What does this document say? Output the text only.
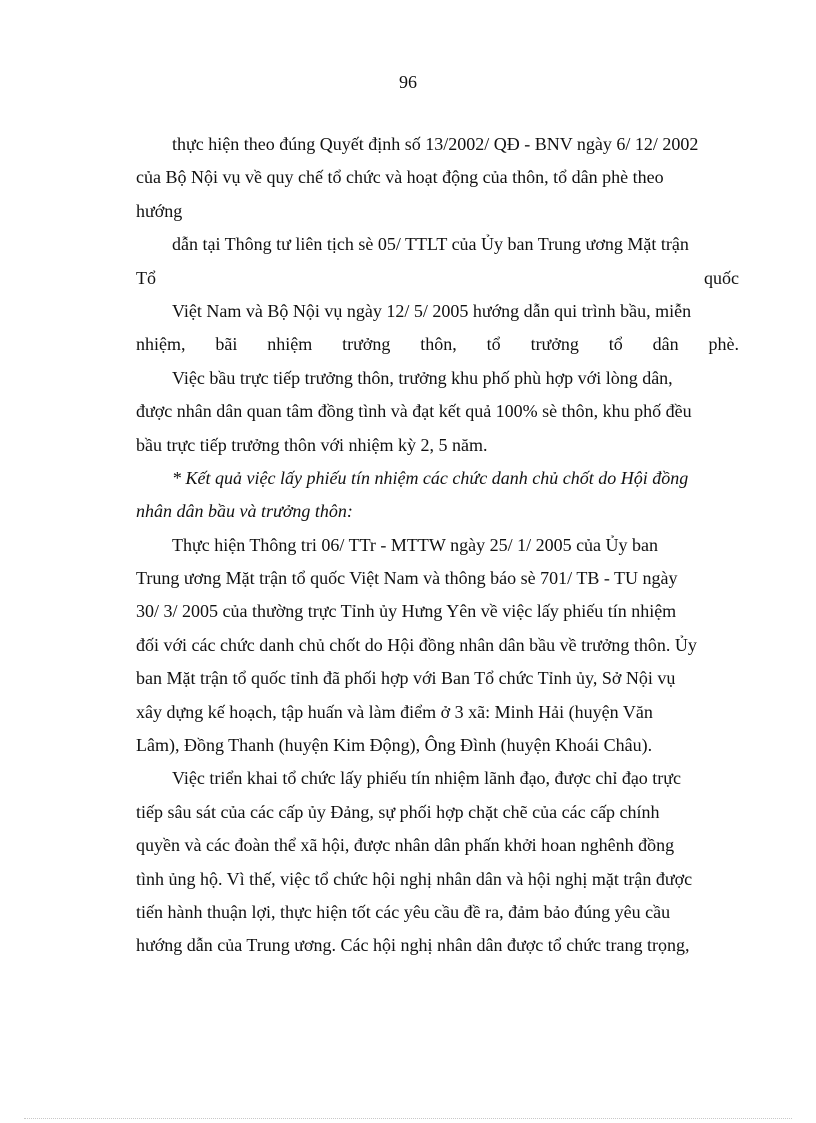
96
thực hiện theo đúng Quyết định số 13/2002/ QĐ - BNV ngày 6/ 12/ 2002
của Bộ Nội vụ về quy chế tổ chức và hoạt động của thôn, tổ dân phè theo
hướng
dẫn tại Thông tư liên tịch sè 05/ TTLT của Ủy ban Trung ương Mặt trận
Tổ	quốc
Việt Nam và Bộ Nội vụ ngày 12/ 5/ 2005 hướng dẫn qui trình bầu, miễn
nhiệm, bãi nhiệm trưởng thôn, tổ trưởng tổ dân phè.
Việc bầu trực tiếp trưởng thôn, trưởng khu phố phù hợp với lòng dân,
được nhân dân quan tâm đồng tình và đạt kết quả 100% sè thôn, khu phố đều
bầu trực tiếp trưởng thôn với nhiệm kỳ 2, 5 năm.
* Kết quả việc lấy phiếu tín nhiệm các chức danh chủ chốt do Hội đồng
nhân dân bầu và trưởng thôn:
Thực hiện Thông tri 06/ TTr - MTTW ngày 25/ 1/ 2005 của Ủy ban
Trung ương Mặt trận tổ quốc Việt Nam và thông báo sè 701/ TB - TU ngày
30/ 3/ 2005 của thường trực Tỉnh ủy Hưng Yên về việc lấy phiếu tín nhiệm
đối với các chức danh chủ chốt do Hội đồng nhân dân bầu về trưởng thôn. Ủy
ban Mặt trận tổ quốc tỉnh đã phối hợp với Ban Tổ chức Tỉnh ủy, Sở Nội vụ
xây dựng kế hoạch, tập huấn và làm điểm ở 3 xã: Minh Hải (huyện Văn
Lâm), Đồng Thanh (huyện Kim Động), Ông Đình (huyện Khoái Châu).
Việc triển khai tổ chức lấy phiếu tín nhiệm lãnh đạo, được chỉ đạo trực
tiếp sâu sát của các cấp ủy Đảng, sự phối hợp chặt chẽ của các cấp chính
quyền và các đoàn thể xã hội, được nhân dân phấn khởi hoan nghênh đồng
tình ủng hộ. Vì thế, việc tổ chức hội nghị nhân dân và hội nghị mặt trận được
tiến hành thuận lợi, thực hiện tốt các yêu cầu đề ra, đảm bảo đúng yêu cầu
hướng dẫn của Trung ương. Các hội nghị nhân dân được tổ chức trang trọng,
